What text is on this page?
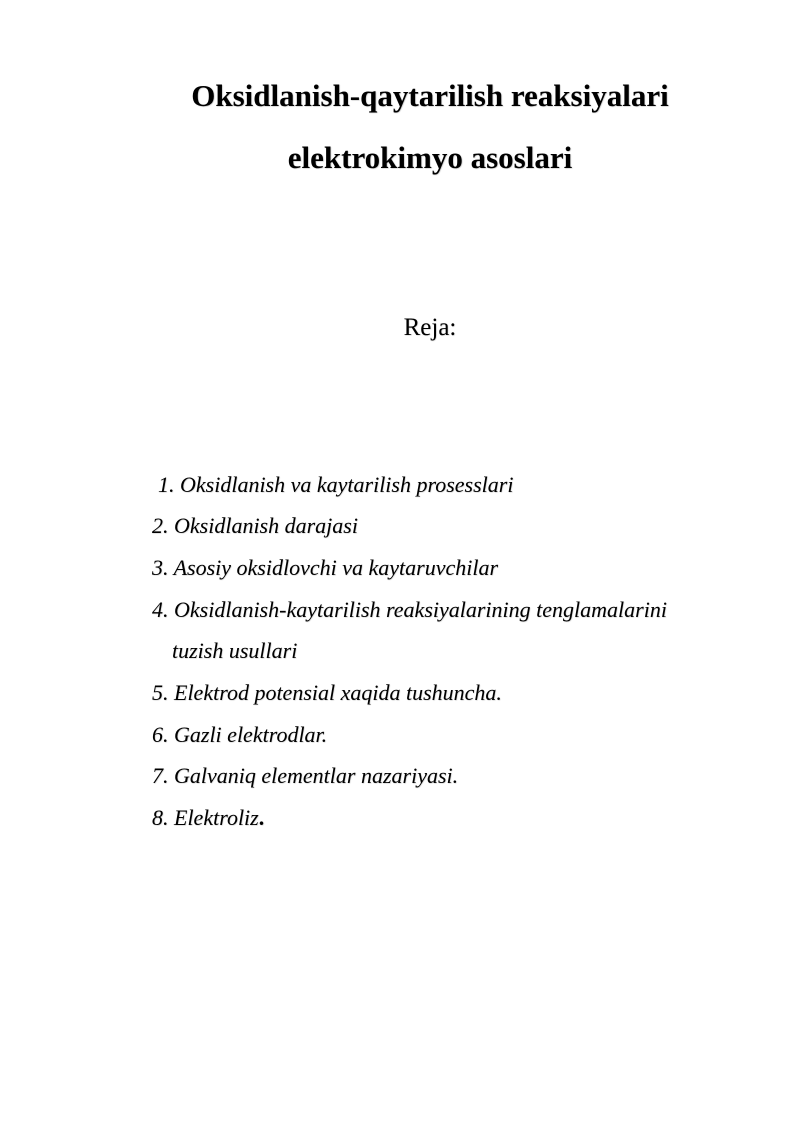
Oksidlanish-qaytarilish reaksiyalari
elektrokimyo asoslari
Reja:
1. Oksidlanish va kaytarilish prosesslari
2. Oksidlanish darajasi
3. Asosiy oksidlovchi va kaytaruvchilar
4. Oksidlanish-kaytarilish reaksiyalarining tenglamalarini
tuzish usullari
5. Elektrod potensial xaqida tushuncha.
6. Gazli elektrodlar.
7. Galvaniq elementlar nazariyasi.
8. Elektroliz.
